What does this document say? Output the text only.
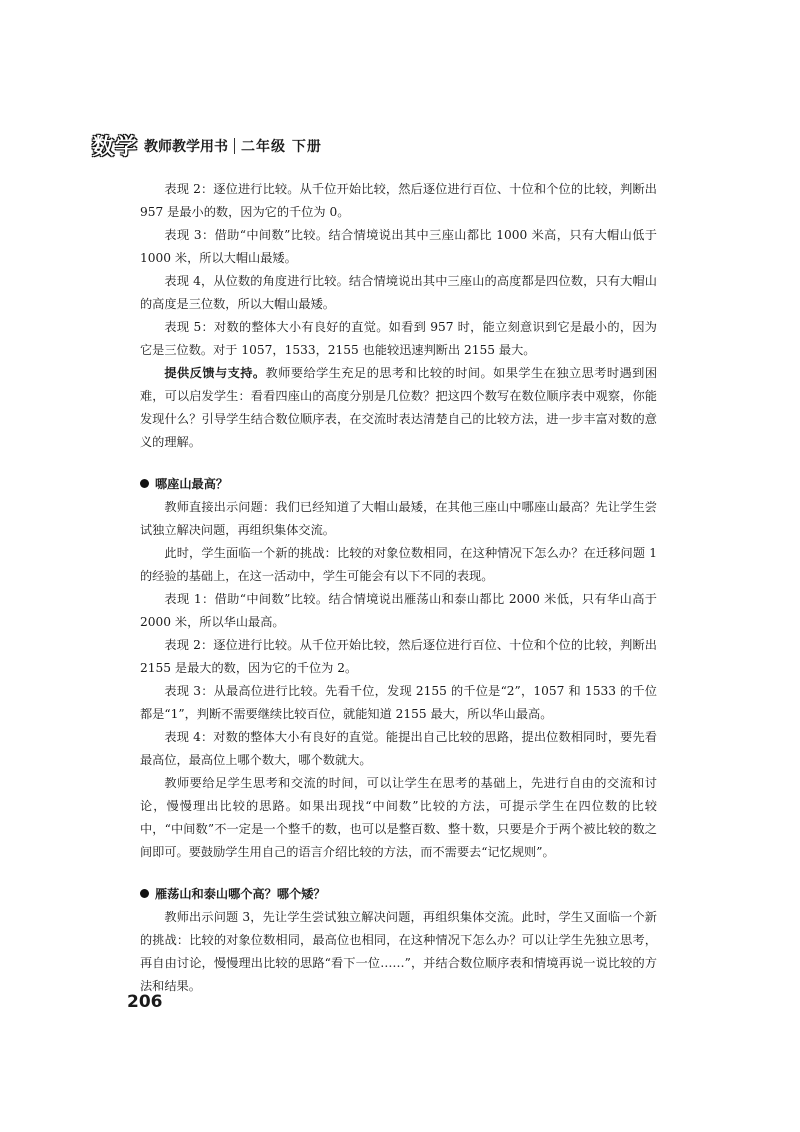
数学 教师教学用书 二年级 下册

表现 2：逐位进行比较。从千位开始比较，然后逐位进行百位、十位和个位的比较，判断出 957 是最小的数，因为它的千位为 0。

表现 3：借助“中间数”比较。结合情境说出其中三座山都比 1000 米高，只有大帽山低于 1000 米，所以大帽山最矮。

表现 4，从位数的角度进行比较。结合情境说出其中三座山的高度都是四位数，只有大帽山的高度是三位数，所以大帽山最矮。

表现 5：对数的整体大小有良好的直觉。如看到 957 时，能立刻意识到它是最小的，因为它是三位数。对于 1057，1533，2155 也能较迅速判断出 2155 最大。

提供反馈与支持。教师要给学生充足的思考和比较的时间。如果学生在独立思考时遇到困难，可以启发学生：看看四座山的高度分别是几位数？把这四个数写在数位顺序表中观察，你能发现什么？引导学生结合数位顺序表，在交流时表达清楚自己的比较方法，进一步丰富对数的意义的理解。

哪座山最高？

教师直接出示问题：我们已经知道了大帽山最矮，在其他三座山中哪座山最高？先让学生尝试独立解决问题，再组织集体交流。

此时，学生面临一个新的挑战：比较的对象位数相同，在这种情况下怎么办？在迁移问题 1 的经验的基础上，在这一活动中，学生可能会有以下不同的表现。

表现 1：借助“中间数”比较。结合情境说出雁荡山和泰山都比 2000 米低，只有华山高于 2000 米，所以华山最高。

表现 2：逐位进行比较。从千位开始比较，然后逐位进行百位、十位和个位的比较，判断出 2155 是最大的数，因为它的千位为 2。

表现 3：从最高位进行比较。先看千位，发现 2155 的千位是“2”，1057 和 1533 的千位都是“1”，判断不需要继续比较百位，就能知道 2155 最大，所以华山最高。

表现 4：对数的整体大小有良好的直觉。能提出自己比较的思路，提出位数相同时，要先看最高位，最高位上哪个数大，哪个数就大。

教师要给足学生思考和交流的时间，可以让学生在思考的基础上，先进行自由的交流和讨论，慢慢理出比较的思路。如果出现找“中间数”比较的方法，可提示学生在四位数的比较中，“中间数”不一定是一个整千的数，也可以是整百数、整十数，只要是介于两个被比较的数之间即可。要鼓励学生用自己的语言介绍比较的方法，而不需要去“记忆规则”。

雁荡山和泰山哪个高？哪个矮？

教师出示问题 3，先让学生尝试独立解决问题，再组织集体交流。此时，学生又面临一个新的挑战：比较的对象位数相同，最高位也相同，在这种情况下怎么办？可以让学生先独立思考，再自由讨论，慢慢理出比较的思路“看下一位……”，并结合数位顺序表和情境再说一说比较的方法和结果。

206
